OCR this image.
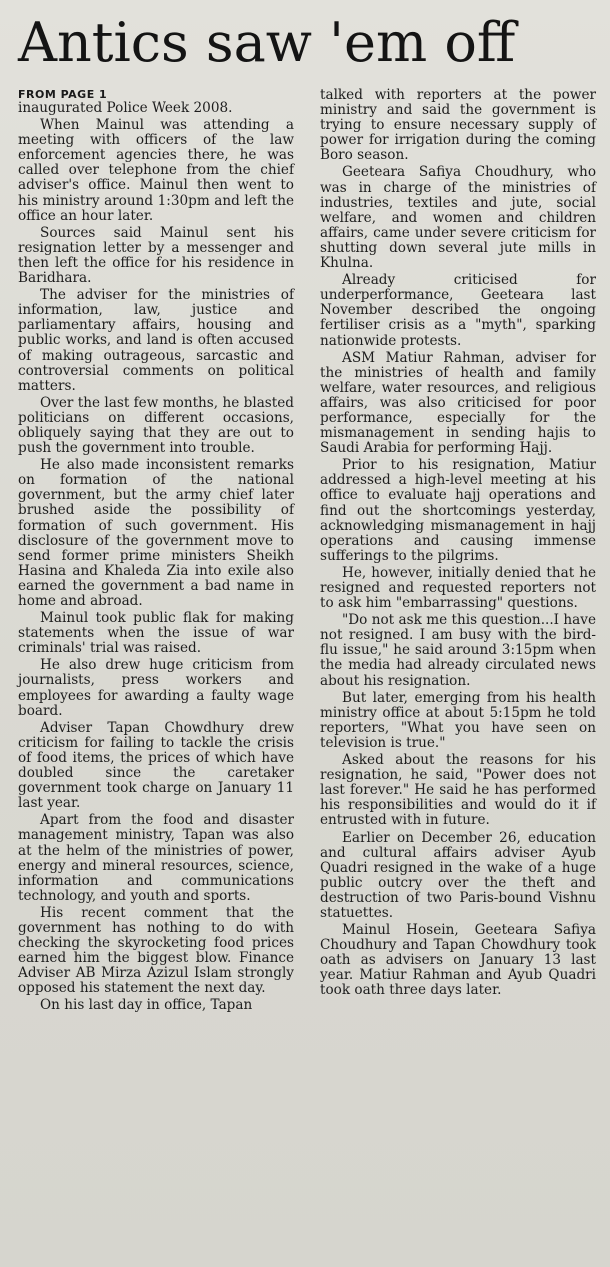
Antics saw 'em off
FROM PAGE 1

inaugurated Police Week 2008.

When Mainul was attending a meeting with officers of the law enforcement agencies there, he was called over telephone from the chief adviser's office. Mainul then went to his ministry around 1:30pm and left the office an hour later.

Sources said Mainul sent his resignation letter by a messenger and then left the office for his residence in Baridhara.

The adviser for the ministries of information, law, justice and parliamentary affairs, housing and public works, and land is often accused of making outrageous, sarcastic and controversial comments on political matters.

Over the last few months, he blasted politicians on different occasions, obliquely saying that they are out to push the government into trouble.

He also made inconsistent remarks on formation of the national government, but the army chief later brushed aside the possibility of formation of such government. His disclosure of the government move to send former prime ministers Sheikh Hasina and Khaleda Zia into exile also earned the government a bad name in home and abroad.

Mainul took public flak for making statements when the issue of war criminals' trial was raised.

He also drew huge criticism from journalists, press workers and employees for awarding a faulty wage board.

Adviser Tapan Chowdhury drew criticism for failing to tackle the crisis of food items, the prices of which have doubled since the caretaker government took charge on January 11 last year.

Apart from the food and disaster management ministry, Tapan was also at the helm of the ministries of power, energy and mineral resources, science, information and communications technology, and youth and sports.

His recent comment that the government has nothing to do with checking the skyrocketing food prices earned him the biggest blow. Finance Adviser AB Mirza Azizul Islam strongly opposed his statement the next day.

On his last day in office, Tapan

talked with reporters at the power ministry and said the government is trying to ensure necessary supply of power for irrigation during the coming Boro season.

Geeteara Safiya Choudhury, who was in charge of the ministries of industries, textiles and jute, social welfare, and women and children affairs, came under severe criticism for shutting down several jute mills in Khulna.

Already criticised for underperformance, Geeteara last November described the ongoing fertiliser crisis as a "myth", sparking nationwide protests.

ASM Matiur Rahman, adviser for the ministries of health and family welfare, water resources, and religious affairs, was also criticised for poor performance, especially for the mismanagement in sending hajis to Saudi Arabia for performing Hajj.

Prior to his resignation, Matiur addressed a high-level meeting at his office to evaluate hajj operations and find out the shortcomings yesterday, acknowledging mismanagement in hajj operations and causing immense sufferings to the pilgrims.

He, however, initially denied that he resigned and requested reporters not to ask him "embarrassing" questions.

"Do not ask me this question...I have not resigned. I am busy with the bird-flu issue," he said around 3:15pm when the media had already circulated news about his resignation.

But later, emerging from his health ministry office at about 5:15pm he told reporters, "What you have seen on television is true."

Asked about the reasons for his resignation, he said, "Power does not last forever." He said he has performed his responsibilities and would do it if entrusted with in future.

Earlier on December 26, education and cultural affairs adviser Ayub Quadri resigned in the wake of a huge public outcry over the theft and destruction of two Paris-bound Vishnu statuettes.

Mainul Hosein, Geeteara Safiya Choudhury and Tapan Chowdhury took oath as advisers on January 13 last year. Matiur Rahman and Ayub Quadri took oath three days later.
